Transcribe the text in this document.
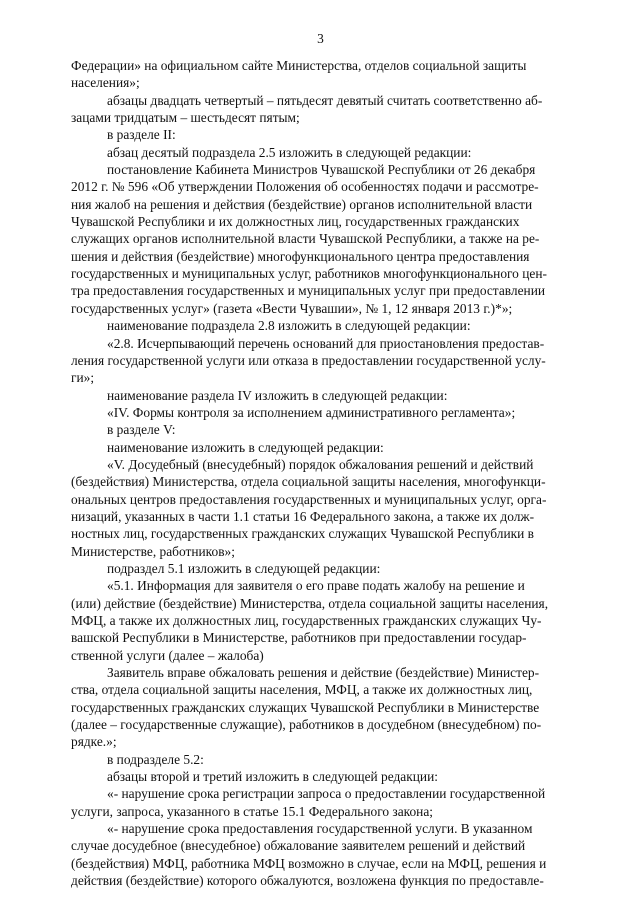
3

Федерации» на официальном сайте Министерства, отделов социальной защиты
населения»;

абзацы двадцать четвертый – пятьдесят девятый считать соответственно аб-
зацами тридцатым – шестьдесят пятым;

в разделе II:

абзац десятый подраздела 2.5 изложить в следующей редакции:

постановление Кабинета Министров Чувашской Республики от 26 декабря
2012 г. № 596 «Об утверждении Положения об особенностях подачи и рассмотре-
ния жалоб на решения и действия (бездействие) органов исполнительной власти
Чувашской Республики и их должностных лиц, государственных гражданских
служащих органов исполнительной власти Чувашской Республики, а также на ре-
шения и действия (бездействие) многофункционального центра предоставления
государственных и муниципальных услуг, работников многофункционального цен-
тра предоставления государственных и муниципальных услуг при предоставлении
государственных услуг» (газета «Вести Чувашии», № 1, 12 января 2013 г.)*»;

наименование подраздела 2.8 изложить в следующей редакции:

«2.8. Исчерпывающий перечень оснований для приостановления предостав-
ления государственной услуги или отказа в предоставлении государственной услу-
ги»;

наименование раздела IV изложить в следующей редакции:

«IV. Формы контроля за исполнением административного регламента»;

в разделе V:

наименование изложить в следующей редакции:

«V. Досудебный (внесудебный) порядок обжалования решений и действий
(бездействия) Министерства, отдела социальной защиты населения, многофункци-
ональных центров предоставления государственных и муниципальных услуг, орга-
низаций, указанных в части 1.1 статьи 16 Федерального закона, а также их долж-
ностных лиц, государственных гражданских служащих Чувашской Республики в
Министерстве, работников»;

подраздел 5.1 изложить в следующей редакции:

«5.1. Информация для заявителя о его праве подать жалобу на решение и
(или) действие (бездействие) Министерства, отдела социальной защиты населения,
МФЦ, а также их должностных лиц, государственных гражданских служащих Чу-
вашской Республики в Министерстве, работников при предоставлении государ-
ственной услуги (далее – жалоба)

Заявитель вправе обжаловать решения и действие (бездействие) Министер-
ства, отдела социальной защиты населения, МФЦ, а также их должностных лиц,
государственных гражданских служащих Чувашской Республики в Министерстве
(далее – государственные служащие), работников в досудебном (внесудебном) по-
рядке.»;

в подразделе 5.2:

абзацы второй и третий изложить в следующей редакции:

«- нарушение срока регистрации запроса о предоставлении государственной
услуги, запроса, указанного в статье 15.1 Федерального закона;

«- нарушение срока предоставления государственной услуги. В указанном
случае досудебное (внесудебное) обжалование заявителем решений и действий
(бездействия) МФЦ, работника МФЦ возможно в случае, если на МФЦ, решения и
действия (бездействие) которого обжалуются, возложена функция по предоставле-
